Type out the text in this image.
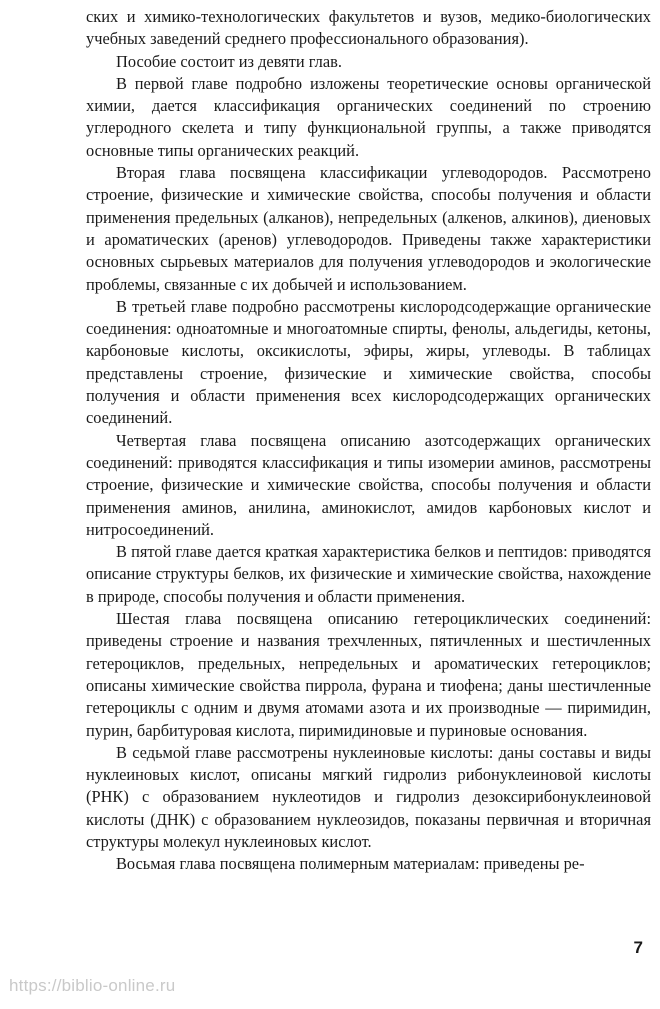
ских и химико-технологических факультетов и вузов, медико-биологических учебных заведений среднего профессионального образования).

Пособие состоит из девяти глав.

В первой главе подробно изложены теоретические основы органической химии, дается классификация органических соединений по строению углеродного скелета и типу функциональной группы, а также приводятся основные типы органических реакций.

Вторая глава посвящена классификации углеводородов. Рассмотрено строение, физические и химические свойства, способы получения и области применения предельных (алканов), непредельных (алкенов, алкинов), диеновых и ароматических (аренов) углеводородов. Приведены также характеристики основных сырьевых материалов для получения углеводородов и экологические проблемы, связанные с их добычей и использованием.

В третьей главе подробно рассмотрены кислородсодержащие органические соединения: одноатомные и многоатомные спирты, фенолы, альдегиды, кетоны, карбоновые кислоты, оксикислоты, эфиры, жиры, углеводы. В таблицах представлены строение, физические и химические свойства, способы получения и области применения всех кислородсодержащих органических соединений.

Четвертая глава посвящена описанию азотсодержащих органических соединений: приводятся классификация и типы изомерии аминов, рассмотрены строение, физические и химические свойства, способы получения и области применения аминов, анилина, аминокислот, амидов карбоновых кислот и нитросоединений.

В пятой главе дается краткая характеристика белков и пептидов: приводятся описание структуры белков, их физические и химические свойства, нахождение в природе, способы получения и области применения.

Шестая глава посвящена описанию гетероциклических соединений: приведены строение и названия трехчленных, пятичленных и шестичленных гетероциклов, предельных, непредельных и ароматических гетероциклов; описаны химические свойства пиррола, фурана и тиофена; даны шестичленные гетероциклы с одним и двумя атомами азота и их производные — пиримидин, пурин, барбитуровая кислота, пиримидиновые и пуриновые основания.

В седьмой главе рассмотрены нуклеиновые кислоты: даны составы и виды нуклеиновых кислот, описаны мягкий гидролиз рибонуклеиновой кислоты (РНК) с образованием нуклеотидов и гидролиз дезоксирибонуклеиновой кислоты (ДНК) с образованием нуклеозидов, показаны первичная и вторичная структуры молекул нуклеиновых кислот.

Восьмая глава посвящена полимерным материалам: приведены ре-

7
https://biblio-online.ru
